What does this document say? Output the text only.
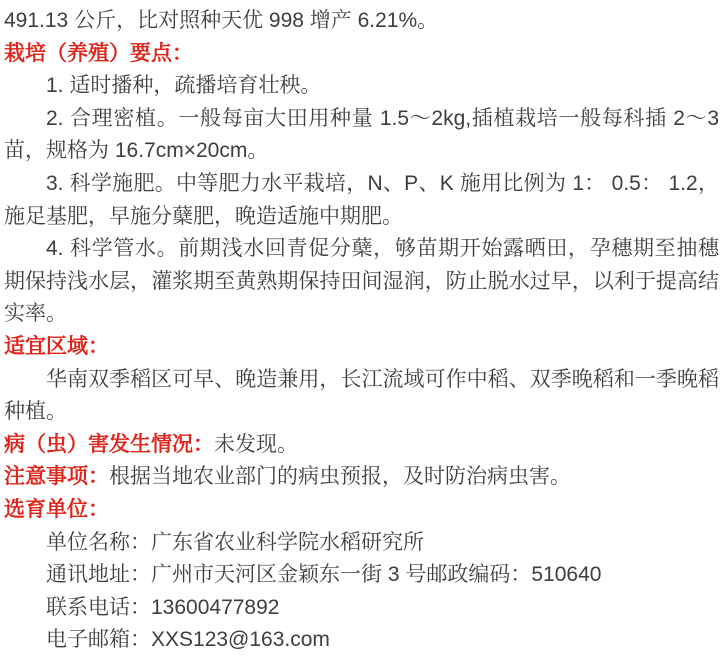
491.13 公斤，比对照种天优 998 增产 6.21%。

栽培（养殖）要点：

1. 适时播种，疏播培育壮秧。

2. 合理密植。一般每亩大田用种量 1.5～2kg,插植栽培一般每科插 2～3 苗，规格为 16.7cm×20cm。

3. 科学施肥。中等肥力水平栽培，N、P、K 施用比例为 1： 0.5： 1.2，施足基肥，早施分蘖肥，晚造适施中期肥。

4. 科学管水。前期浅水回青促分蘖，够苗期开始露晒田，孕穗期至抽穗期保持浅水层，灌浆期至黄熟期保持田间湿润，防止脱水过早，以利于提高结实率。

适宜区域：

华南双季稻区可早、晚造兼用，长江流域可作中稻、双季晚稻和一季晚稻种植。

病（虫）害发生情况：未发现。

注意事项：根据当地农业部门的病虫预报，及时防治病虫害。

选育单位：

单位名称：广东省农业科学院水稻研究所

通讯地址：广州市天河区金颖东一街 3 号邮政编码：510640

联系电话：13600477892

电子邮箱：XXS123@163.com
